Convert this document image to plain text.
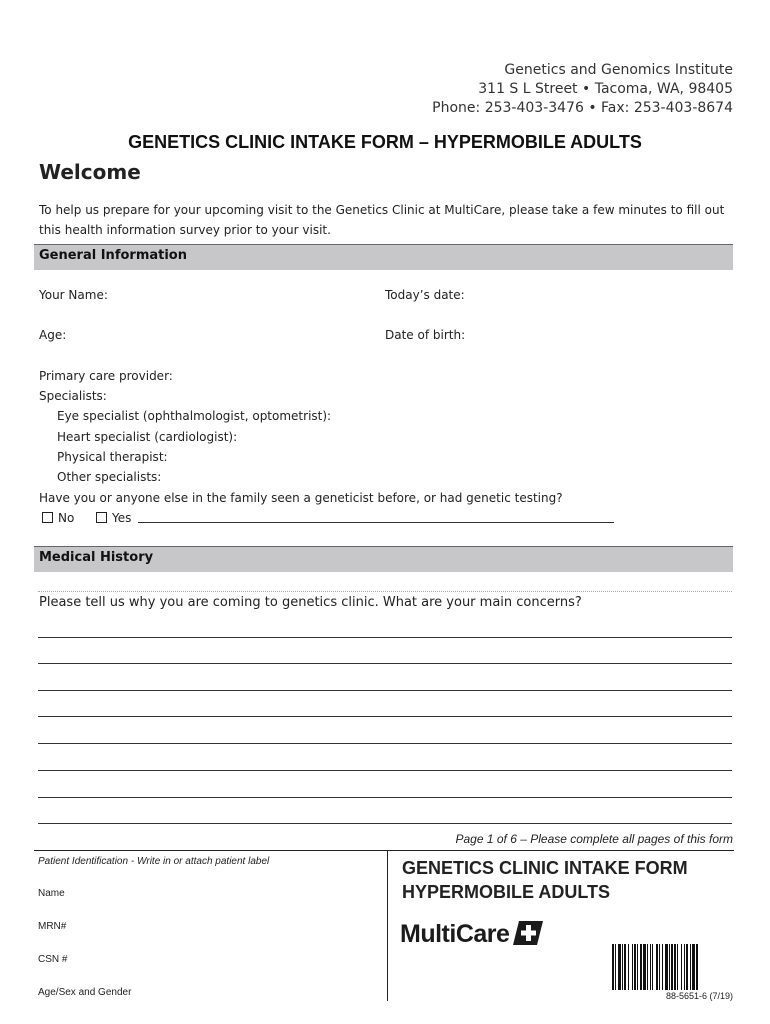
Genetics and Genomics Institute
311 S L Street • Tacoma, WA, 98405
Phone: 253-403-3476 • Fax: 253-403-8674
GENETICS CLINIC INTAKE FORM – HYPERMOBILE ADULTS
Welcome
To help us prepare for your upcoming visit to the Genetics Clinic at MultiCare, please take a few minutes to fill out this health information survey prior to your visit.
General Information
Your Name:	Today’s date:
Age:	Date of birth:
Primary care provider:
Specialists:
Eye specialist (ophthalmologist, optometrist):
Heart specialist (cardiologist):
Physical therapist:
Other specialists:
Have you or anyone else in the family seen a geneticist before, or had genetic testing?
No	Yes
Medical History
Please tell us why you are coming to genetics clinic. What are your main concerns?
Page 1 of 6 – Please complete all pages of this form
Patient Identification - Write in or attach patient label
Name
MRN#
CSN #
Age/Sex and Gender
GENETICS CLINIC INTAKE FORM
HYPERMOBILE ADULTS
MultiCare
88-5651-6 (7/19)
